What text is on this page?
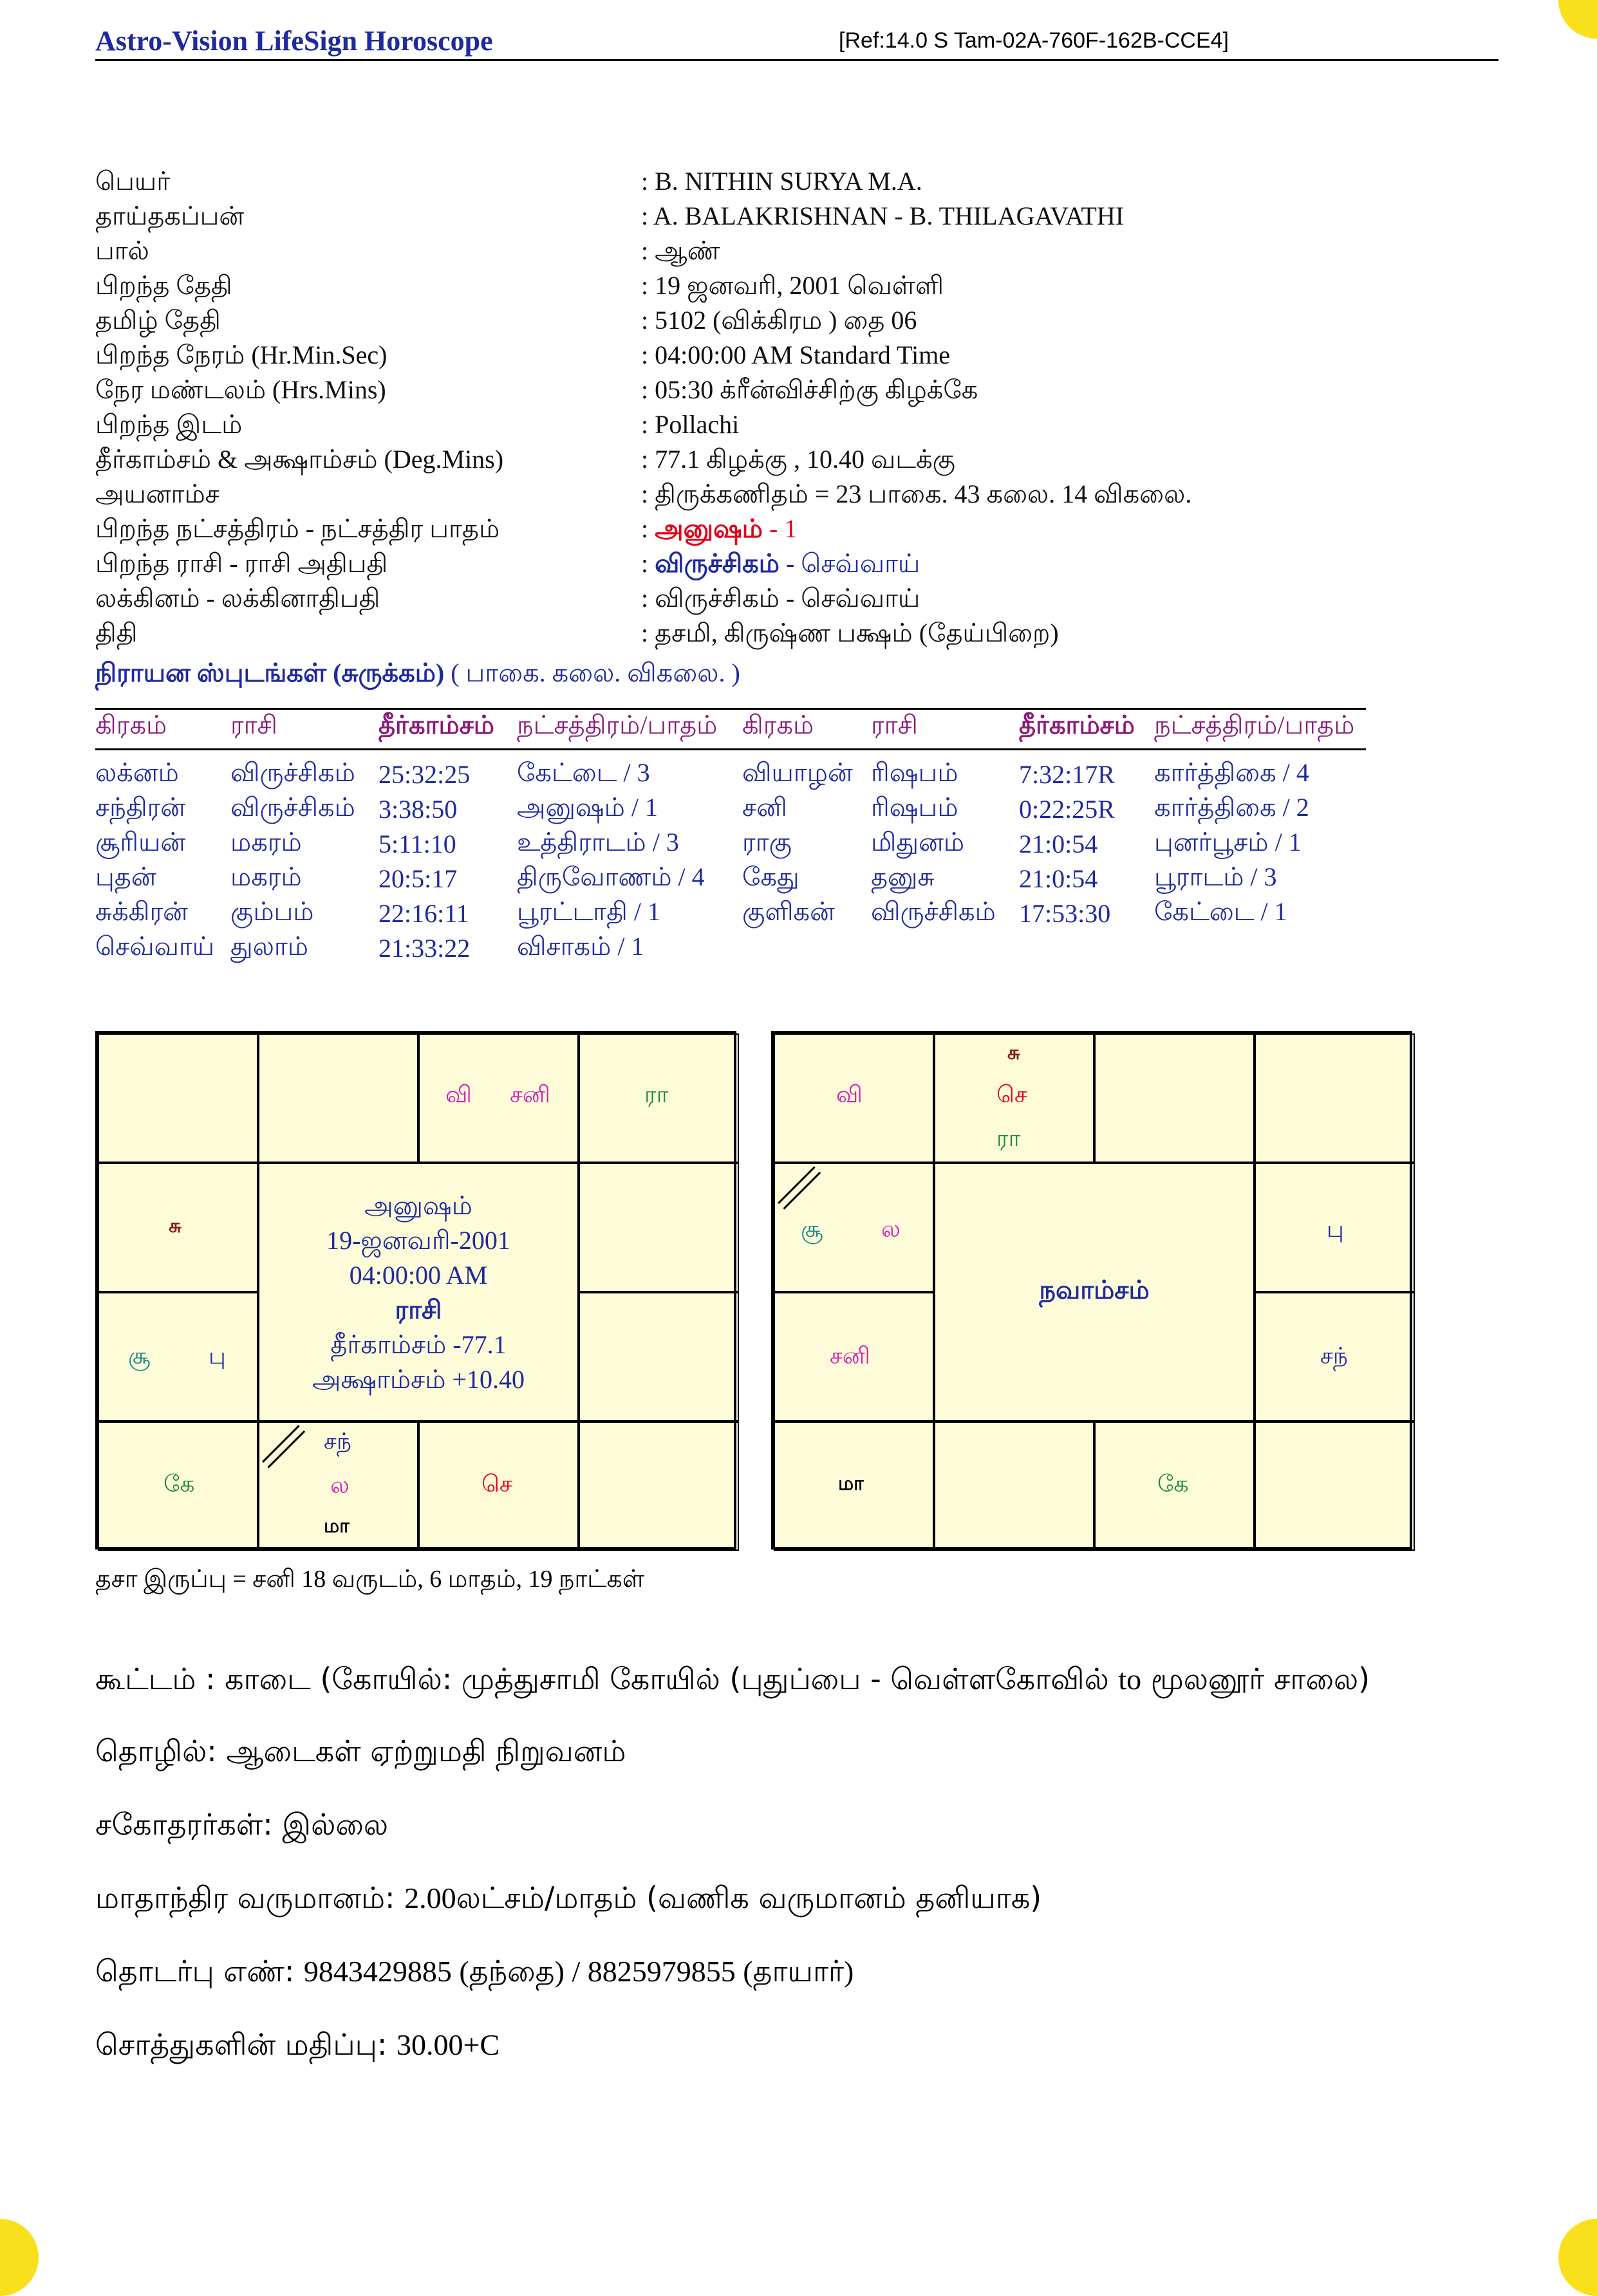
Astro-Vision LifeSign Horoscope	[Ref:14.0 S Tam-02A-760F-162B-CCE4]
பெயர்	: B. NITHIN SURYA M.A.
தாய்தகப்பன்	: A. BALAKRISHNAN - B. THILAGAVATHI
பால்	: ஆண்
பிறந்த தேதி	: 19 ஜனவரி, 2001 வெள்ளி
தமிழ் தேதி	: 5102 (விக்கிரம ) தை 06
பிறந்த நேரம் (Hr.Min.Sec)	: 04:00:00 AM Standard Time
நேர மண்டலம் (Hrs.Mins)	: 05:30 க்ரீன்விச்சிற்கு கிழக்கே
பிறந்த இடம்	: Pollachi
தீர்காம்சம் & அக்ஷாம்சம் (Deg.Mins)	: 77.1 கிழக்கு , 10.40 வடக்கு
அயனாம்ச	: திருக்கணிதம் = 23 பாகை. 43 கலை. 14 விகலை.
பிறந்த நட்சத்திரம் - நட்சத்திர பாதம்	: அனுஷம் - 1
பிறந்த ராசி - ராசி அதிபதி	: விருச்சிகம் - செவ்வாய்
லக்கினம் - லக்கினாதிபதி	: விருச்சிகம் - செவ்வாய்
திதி	: தசமி, கிருஷ்ண பக்ஷம் (தேய்பிறை)
நிராயன ஸ்புடங்கள் (சுருக்கம்) ( பாகை. கலை. விகலை. )
கிரகம்	ராசி	தீர்காம்சம்	நட்சத்திரம்/பாதம்	கிரகம்	ராசி	தீர்காம்சம்	நட்சத்திரம்/பாதம்
லக்னம்	விருச்சிகம்	25:32:25	கேட்டை / 3	வியாழன்	ரிஷபம்	7:32:17R	கார்த்திகை / 4
சந்திரன்	விருச்சிகம்	3:38:50	அனுஷம் / 1	சனி	ரிஷபம்	0:22:25R	கார்த்திகை / 2
சூரியன்	மகரம்	5:11:10	உத்திராடம் / 3	ராகு	மிதுனம்	21:0:54	புனர்பூசம் / 1
புதன்	மகரம்	20:5:17	திருவோணம் / 4	கேது	தனுசு	21:0:54	பூராடம் / 3
சுக்கிரன்	கும்பம்	22:16:11	பூரட்டாதி / 1	குளிகன்	விருச்சிகம்	17:53:30	கேட்டை / 1
செவ்வாய்	துலாம்	21:33:22	விசாகம் / 1				
வி சனி	ரா
சு
சூ	பு
கே
சந்
ல
மா
செ
அனுஷம்
19-ஜனவரி-2001
04:00:00 AM
ராசி
தீர்காம்சம் -77.1
அக்ஷாம்சம் +10.40
வி
சு
செ
ரா
சூ	ல	பு
சனி	சந்
மா	கே
நவாம்சம்
தசா இருப்பு = சனி 18 வருடம், 6 மாதம், 19 நாட்கள்
கூட்டம் : காடை (கோயில்: முத்துசாமி கோயில் (புதுப்பை - வெள்ளகோவில் to மூலனூர் சாலை)
தொழில்: ஆடைகள் ஏற்றுமதி நிறுவனம்
சகோதரர்கள்: இல்லை
மாதாந்திர வருமானம்: 2.00லட்சம்/மாதம் (வணிக வருமானம் தனியாக)
தொடர்பு எண்: 9843429885 (தந்தை) / 8825979855 (தாயார்)
சொத்துகளின் மதிப்பு: 30.00+C
